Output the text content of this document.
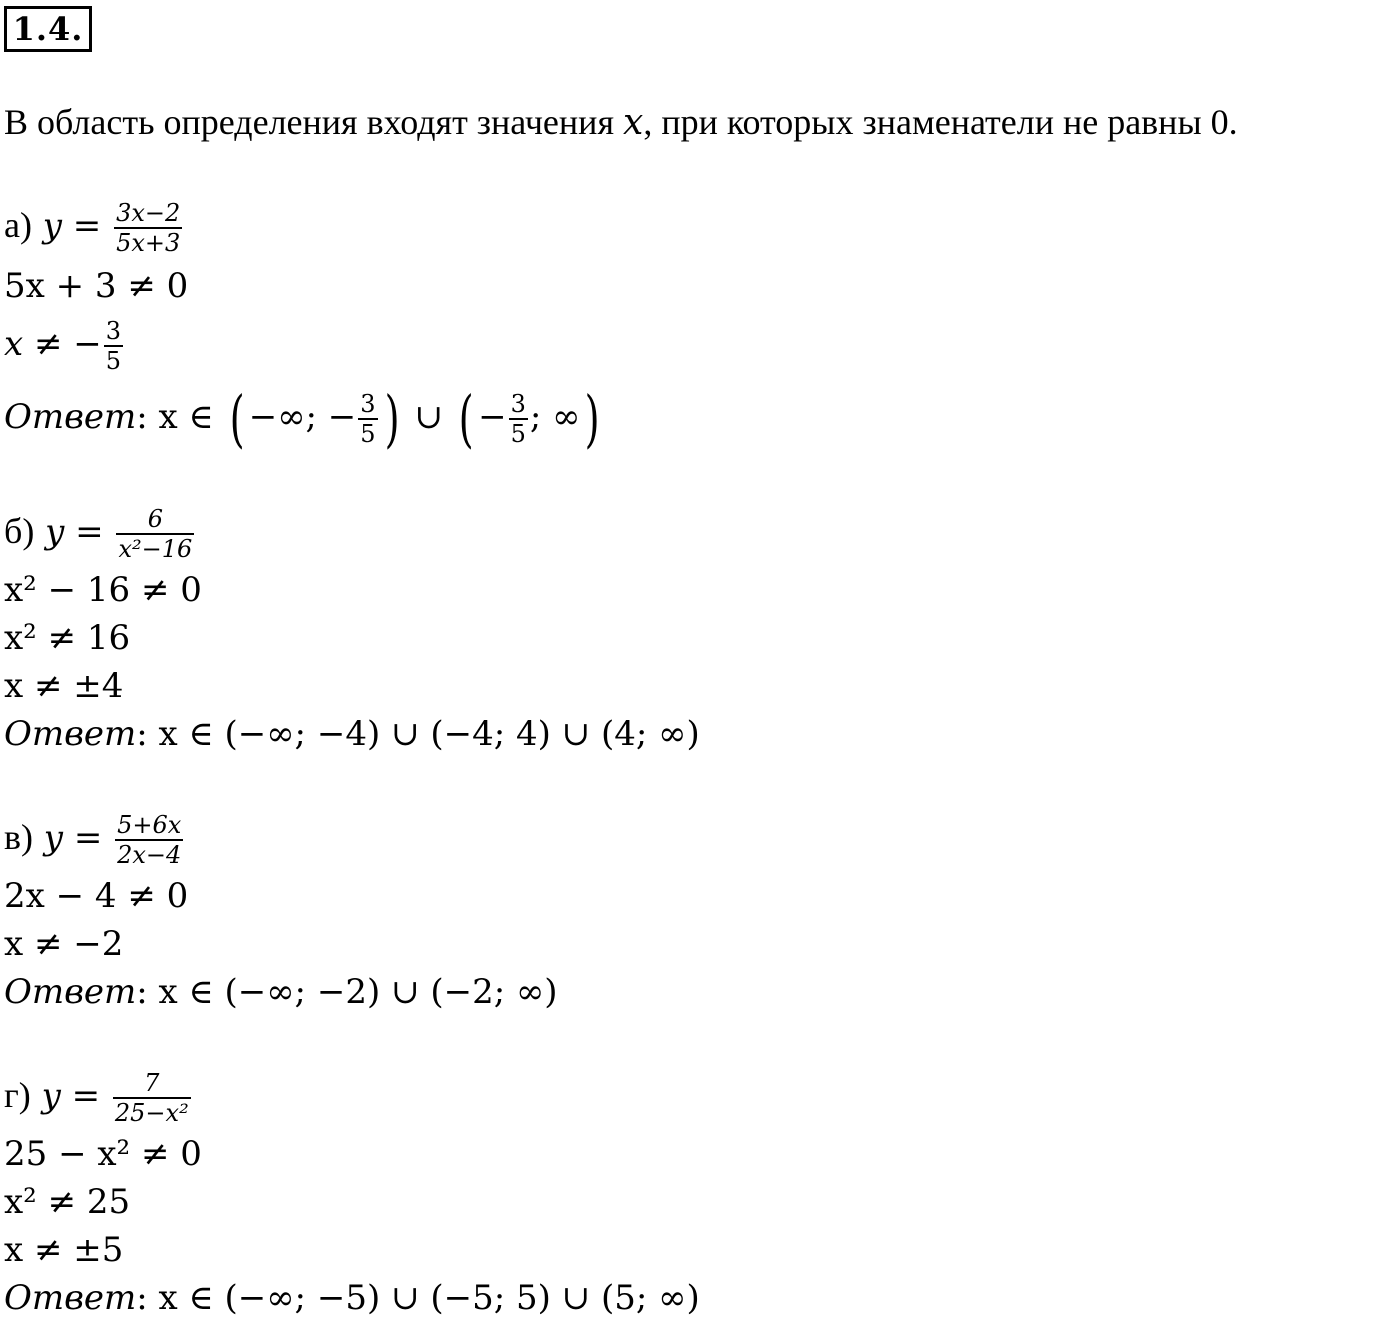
1.4.
В область определения входят значения x, при которых знаменатели не равны 0.
а) $y = \frac{3x-2}{5x+3}$
5x + 3 ≠ 0
x ≠ − $\frac{3}{5}$
Ответ: x ∈ ( −∞; − $\frac{3}{5}$ ) ∪ ( − $\frac{3}{5}$ ; ∞)
б) $y = \frac{6}{\text{x²−16}}$
x² − 16 ≠ 0
x² ≠ 16
x ≠ ±4
Ответ: x ∈ (−∞; −4) ∪ (−4; 4) ∪ (4; ∞)
в) $y = \frac{5+6x}{2x-4}$
2x − 4 ≠ 0
x ≠ −2
Ответ: x ∈ (−∞; −2) ∪ (−2; ∞)
г) $y = \frac{7}{\text{25−x²}}$
25 − x² ≠ 0
x² ≠ 25
x ≠ ±5
Ответ: x ∈ (−∞; −5) ∪ (−5; 5) ∪ (5; ∞)
